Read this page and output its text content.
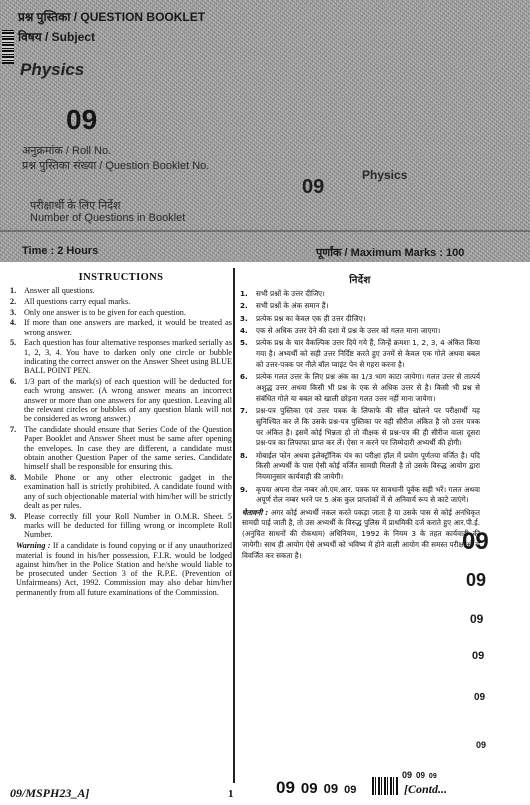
प्रश्न पुस्तिका / QUESTION BOOKLET
विषय / Subject
Physics
09
अनुक्रमांक / Roll No.
प्रश्न पुस्तिका संख्या / Question Booklet No.
Physics
09
परीक्षार्थी के लिए निर्देश
Number of Questions in Booklet
Time : 2 Hours	पूर्णांक / Maximum Marks : 100
INSTRUCTIONS
1. Answer all questions.
2. All questions carry equal marks.
3. Only one answer is to be given for each question.
4. If more than one answers are marked, it would be treated as wrong answer.
5. Each question has four alternative responses marked serially as 1, 2, 3, 4. You have to darken only one circle or bubble indicating the correct answer on the Answer Sheet using BLUE BALL POINT PEN.
6. 1/3 part of the mark(s) of each question will be deducted for each wrong answer. (A wrong answer means an incorrect answer or more than one answers for any question. Leaving all the relevant circles or bubbles of any question blank will not be considered as wrong answer.)
7. The candidate should ensure that Series Code of the Question Paper Booklet and Answer Sheet must be same after opening the envelopes. In case they are different, a candidate must obtain another Question Paper of the same series. Candidate himself shall be responsible for ensuring this.
8. Mobile Phone or any other electronic gadget in the examination hall is strictly prohibited. A candidate found with any of such objectionable material with him/her will be strictly dealt as per rules.
9. Please correctly fill your Roll Number in O.M.R. Sheet. 5 marks will be deducted for filling wrong or incomplete Roll Number.
Warning : If a candidate is found copying or if any unauthorized material is found in his/her possession, F.I.R. would be lodged against him/her in the Police Station and he/she would liable to be prosecuted under Section 3 of the R.P.E. (Prevention of Unfairmeans) Act, 1992. Commission may also debar him/her permanently from all future examinations of the Commission.
निर्देश
1. सभी प्रश्नों के उत्तर दीजिए।
2. सभी प्रश्नों के अंक समान हैं।
3. प्रत्येक प्रश्न का केवल एक ही उत्तर दीजिए।
4. एक से अधिक उत्तर देने की दशा में प्रश्न के उत्तर को गलत माना जाएगा।
5. प्रत्येक प्रश्न के चार वैकल्पिक उत्तर दिये गये हैं, जिन्हें क्रमशः 1, 2, 3, 4 अंकित किया गया है। अभ्यर्थी को सही उत्तर निर्दिष्ट करते हुए उनमें से केवल एक गोले अथवा बबल को उत्तर-पत्रक पर नीले बॉल प्वाइंट पेन से गहरा करना है।
6. प्रत्येक गलत उत्तर के लिए प्रश्न अंक का 1/3 भाग काटा जायेगा। गलत उत्तर से तात्पर्य अशुद्ध उत्तर अथवा किसी भी प्रश्न के एक से अधिक उत्तर से है। किसी भी प्रश्न से संबंधित गोले या बबल को खाली छोड़ना गलत उत्तर नहीं माना जायेगा।
7. प्रश्न-पत्र पुस्तिका एवं उत्तर पत्रक के लिफाफे की सील खोलने पर परीक्षार्थी यह सुनिश्चित कर लें कि उसके प्रश्न-पत्र पुस्तिका पर वही सीरीज अंकित है जो उत्तर पत्रक पर अंकित है। इसमें कोई भिन्नता हो तो वीक्षक से प्रश्न-पत्र की ही सीरीज वाला दूसरा प्रश्न-पत्र का लिफाफा प्राप्त कर लें। ऐसा न करने पर जिम्मेदारी अभ्यर्थी की होगी।
8. मोबाईल फोन अथवा इलेक्ट्रॉनिक यंत्र का परीक्षा हॉल में प्रयोग पूर्णतया वर्जित है। यदि किसी अभ्यर्थी के पास ऐसी कोई वर्जित सामग्री मिलती है तो उसके विरुद्ध आयोग द्वारा नियमानुसार कार्यवाही की जायेगी।
9. कृपया अपना रोल नम्बर ओ.एम.आर. पत्रक पर सावधानी पूर्वक सही भरें। गलत अथवा अपूर्ण रोल नम्बर भरने पर 5 अंक कुल प्राप्तांकों में से अनिवार्य रूप से काटे जाएंगे।
चेतावनी : अगर कोई अभ्यर्थी नकल करते पकड़ा जाता है या उसके पास से कोई अनधिकृत सामग्री पाई जाती है, तो उस अभ्यर्थी के विरुद्ध पुलिस में प्राथमिकी दर्ज कराते हुए आर.पी.ई. (अनुचित साधनों की रोकथाम) अधिनियम, 1992 के नियम 3 के तहत कार्यवाही की जायेगी। साथ ही आयोग ऐसे अभ्यर्थी को भविष्य में होने वाली आयोग की समस्त परीक्षाओं से विवर्जित कर सकता है।
09
09
09
09
09
09
09/MSPH23_A]	1	09 09 09 09
09 09 09
[Contd...
